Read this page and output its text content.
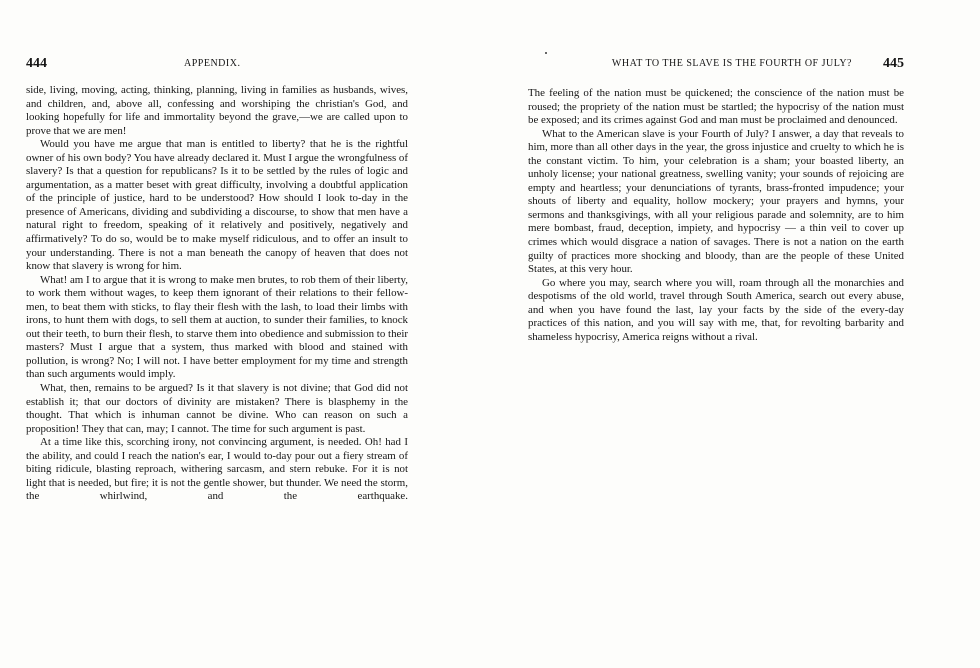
444	APPENDIX.

side, living, moving, acting, thinking, planning, living in families as husbands, wives, and children, and, above all, confessing and worshiping the christian's God, and looking hopefully for life and immortality beyond the grave,—we are called upon to prove that we are men!

Would you have me argue that man is entitled to liberty? that he is the rightful owner of his own body? You have already declared it. Must I argue the wrongfulness of slavery? Is that a question for republicans? Is it to be settled by the rules of logic and argumentation, as a matter beset with great difficulty, involving a doubtful application of the principle of justice, hard to be understood? How should I look to-day in the presence of Americans, dividing and subdividing a discourse, to show that men have a natural right to freedom, speaking of it relatively and positively, negatively and affirmatively? To do so, would be to make myself ridiculous, and to offer an insult to your understanding. There is not a man beneath the canopy of heaven that does not know that slavery is wrong for him.

What! am I to argue that it is wrong to make men brutes, to rob them of their liberty, to work them without wages, to keep them ignorant of their relations to their fellow-men, to beat them with sticks, to flay their flesh with the lash, to load their limbs with irons, to hunt them with dogs, to sell them at auction, to sunder their families, to knock out their teeth, to burn their flesh, to starve them into obedience and submission to their masters? Must I argue that a system, thus marked with blood and stained with pollution, is wrong? No; I will not. I have better employment for my time and strength than such arguments would imply.

What, then, remains to be argued? Is it that slavery is not divine; that God did not establish it; that our doctors of divinity are mistaken? There is blasphemy in the thought. That which is inhuman cannot be divine. Who can reason on such a proposition! They that can, may; I cannot. The time for such argument is past.

At a time like this, scorching irony, not convincing argument, is needed. Oh! had I the ability, and could I reach the nation's ear, I would to-day pour out a fiery stream of biting ridicule, blasting reproach, withering sarcasm, and stern rebuke. For it is not light that is needed, but fire; it is not the gentle shower, but thunder. We need the storm, the whirlwind, and the earthquake.

WHAT TO THE SLAVE IS THE FOURTH OF JULY? 445

The feeling of the nation must be quickened; the conscience of the nation must be roused; the propriety of the nation must be startled; the hypocrisy of the nation must be exposed; and its crimes against God and man must be proclaimed and denounced.

What to the American slave is your Fourth of July? I answer, a day that reveals to him, more than all other days in the year, the gross injustice and cruelty to which he is the constant victim. To him, your celebration is a sham; your boasted liberty, an unholy license; your national greatness, swelling vanity; your sounds of rejoicing are empty and heartless; your denunciations of tyrants, brass-fronted impudence; your shouts of liberty and equality, hollow mockery; your prayers and hymns, your sermons and thanksgivings, with all your religious parade and solemnity, are to him mere bombast, fraud, deception, impiety, and hypocrisy — a thin veil to cover up crimes which would disgrace a nation of savages. There is not a nation on the earth guilty of practices more shocking and bloody, than are the people of these United States, at this very hour.

Go where you may, search where you will, roam through all the monarchies and despotisms of the old world, travel through South America, search out every abuse, and when you have found the last, lay your facts by the side of the every-day practices of this nation, and you will say with me, that, for revolting barbarity and shameless hypocrisy, America reigns without a rival.
